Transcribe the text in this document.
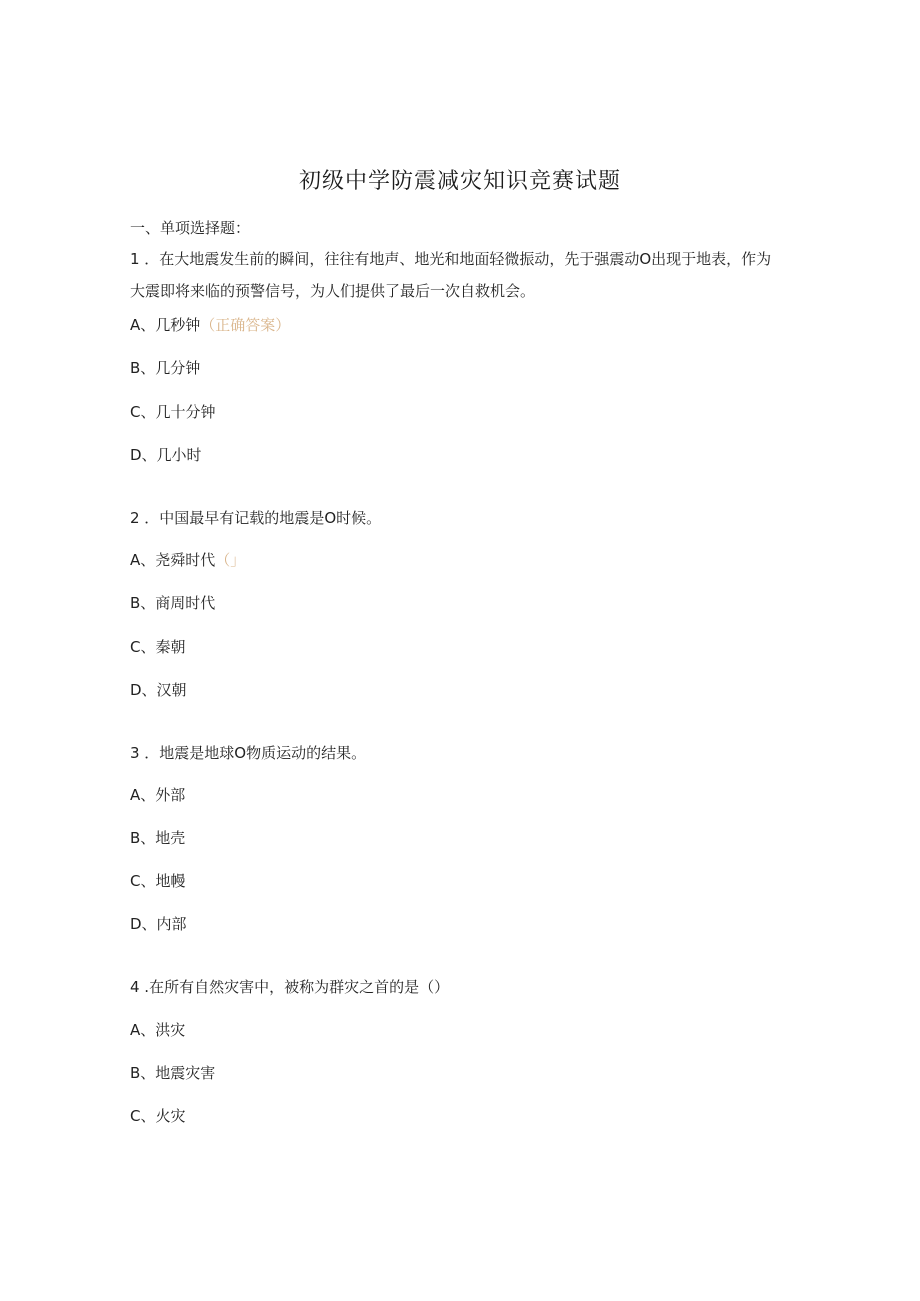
初级中学防震减灾知识竞赛试题
一、单项选择题：
1 ．在大地震发生前的瞬间，往往有地声、地光和地面轻微振动，先于强震动O出现于地表，作为大震即将来临的预警信号，为人们提供了最后一次自救机会。
A、几秒钟（正确答案）
B、几分钟
C、几十分钟
D、几小时
2 ．中国最早有记载的地震是O时候。
A、尧舜时代（」
B、商周时代
C、秦朝
D、汉朝
3 ．地震是地球O物质运动的结果。
A、外部
B、地壳
C、地幔
D、内部
4 .在所有自然灾害中，被称为群灾之首的是（）
A、洪灾
B、地震灾害
C、火灾
